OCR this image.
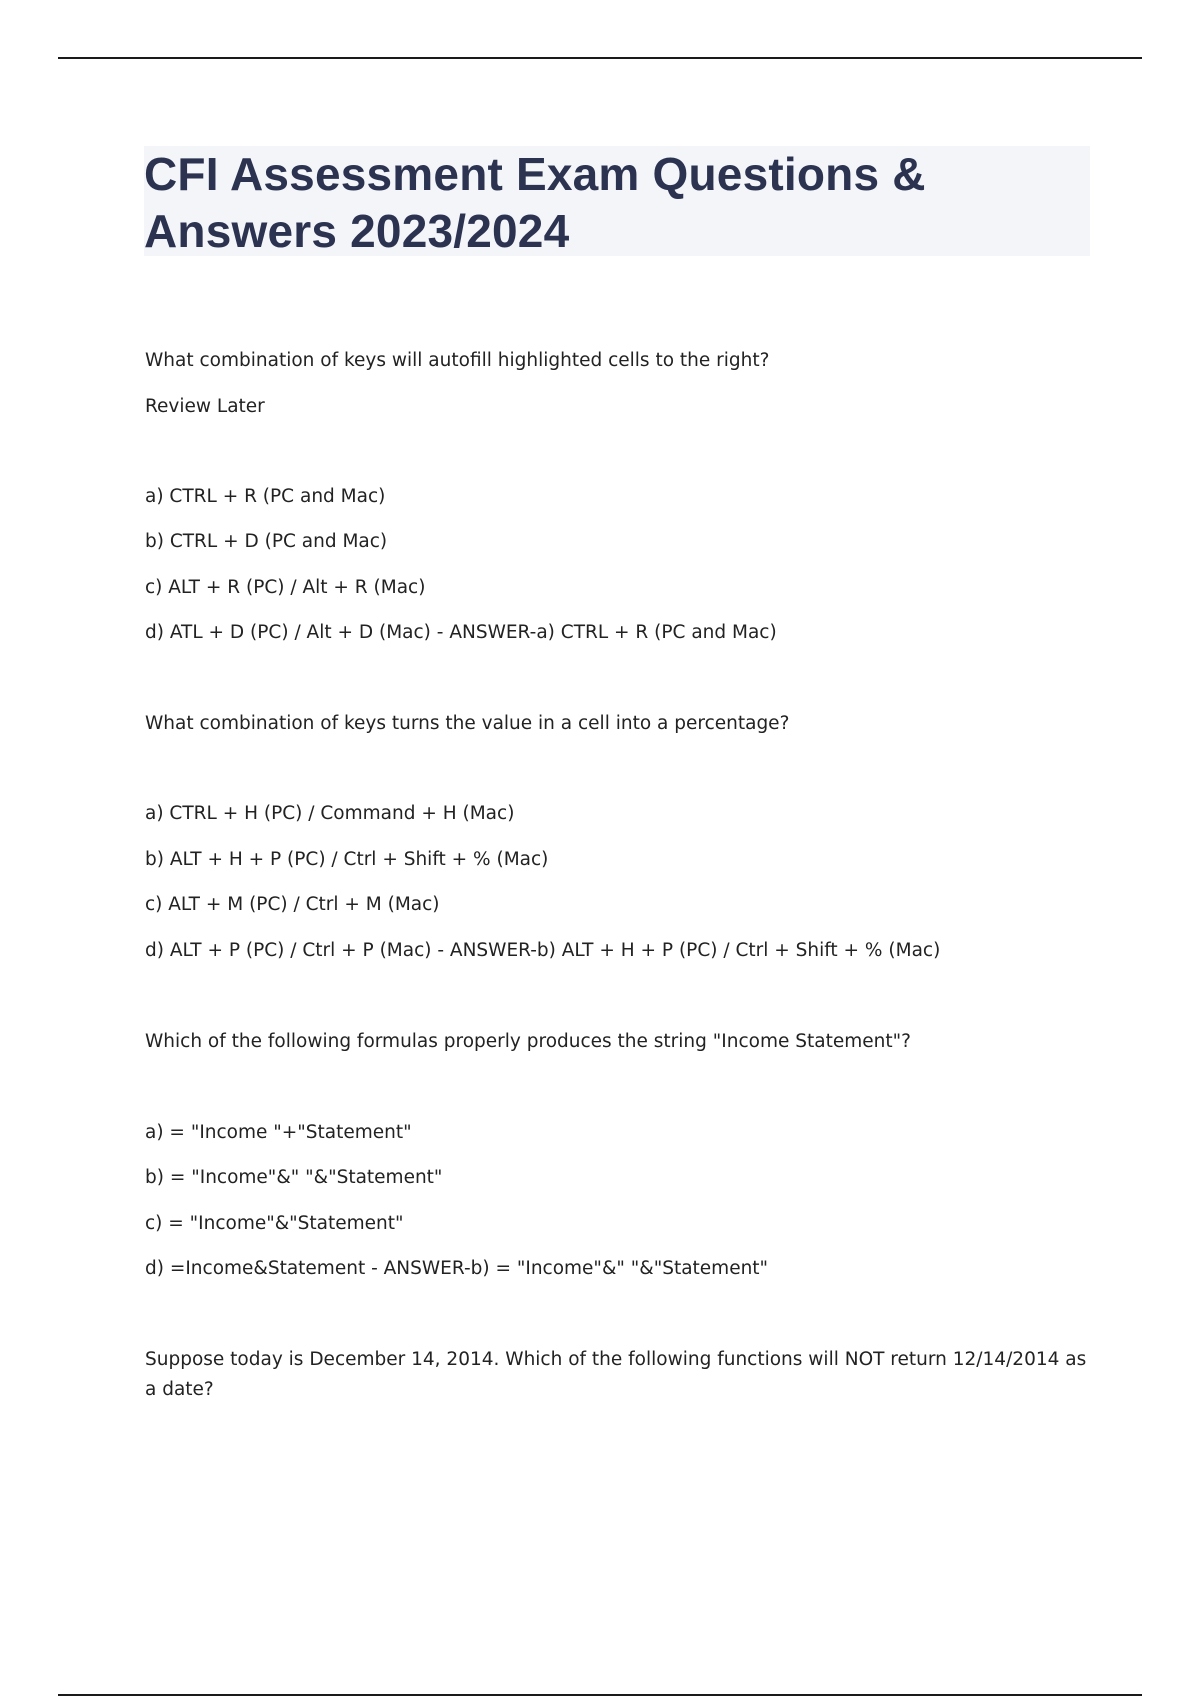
CFI Assessment Exam Questions & Answers 2023/2024
What combination of keys will autofill highlighted cells to the right?
Review Later
a) CTRL + R (PC and Mac)
b) CTRL + D (PC and Mac)
c) ALT + R (PC) / Alt + R (Mac)
d) ATL + D (PC) / Alt + D (Mac) - ANSWER-a) CTRL + R (PC and Mac)
What combination of keys turns the value in a cell into a percentage?
a) CTRL + H (PC) / Command + H (Mac)
b) ALT + H + P (PC) / Ctrl + Shift + % (Mac)
c) ALT + M (PC) / Ctrl + M (Mac)
d) ALT + P (PC) / Ctrl + P (Mac) - ANSWER-b) ALT + H + P (PC) / Ctrl + Shift + % (Mac)
Which of the following formulas properly produces the string "Income Statement"?
a) = "Income "+"Statement"
b) = "Income"&" "&"Statement"
c) = "Income"&"Statement"
d) =Income&Statement - ANSWER-b) = "Income"&" "&"Statement"
Suppose today is December 14, 2014. Which of the following functions will NOT return 12/14/2014 as a date?
